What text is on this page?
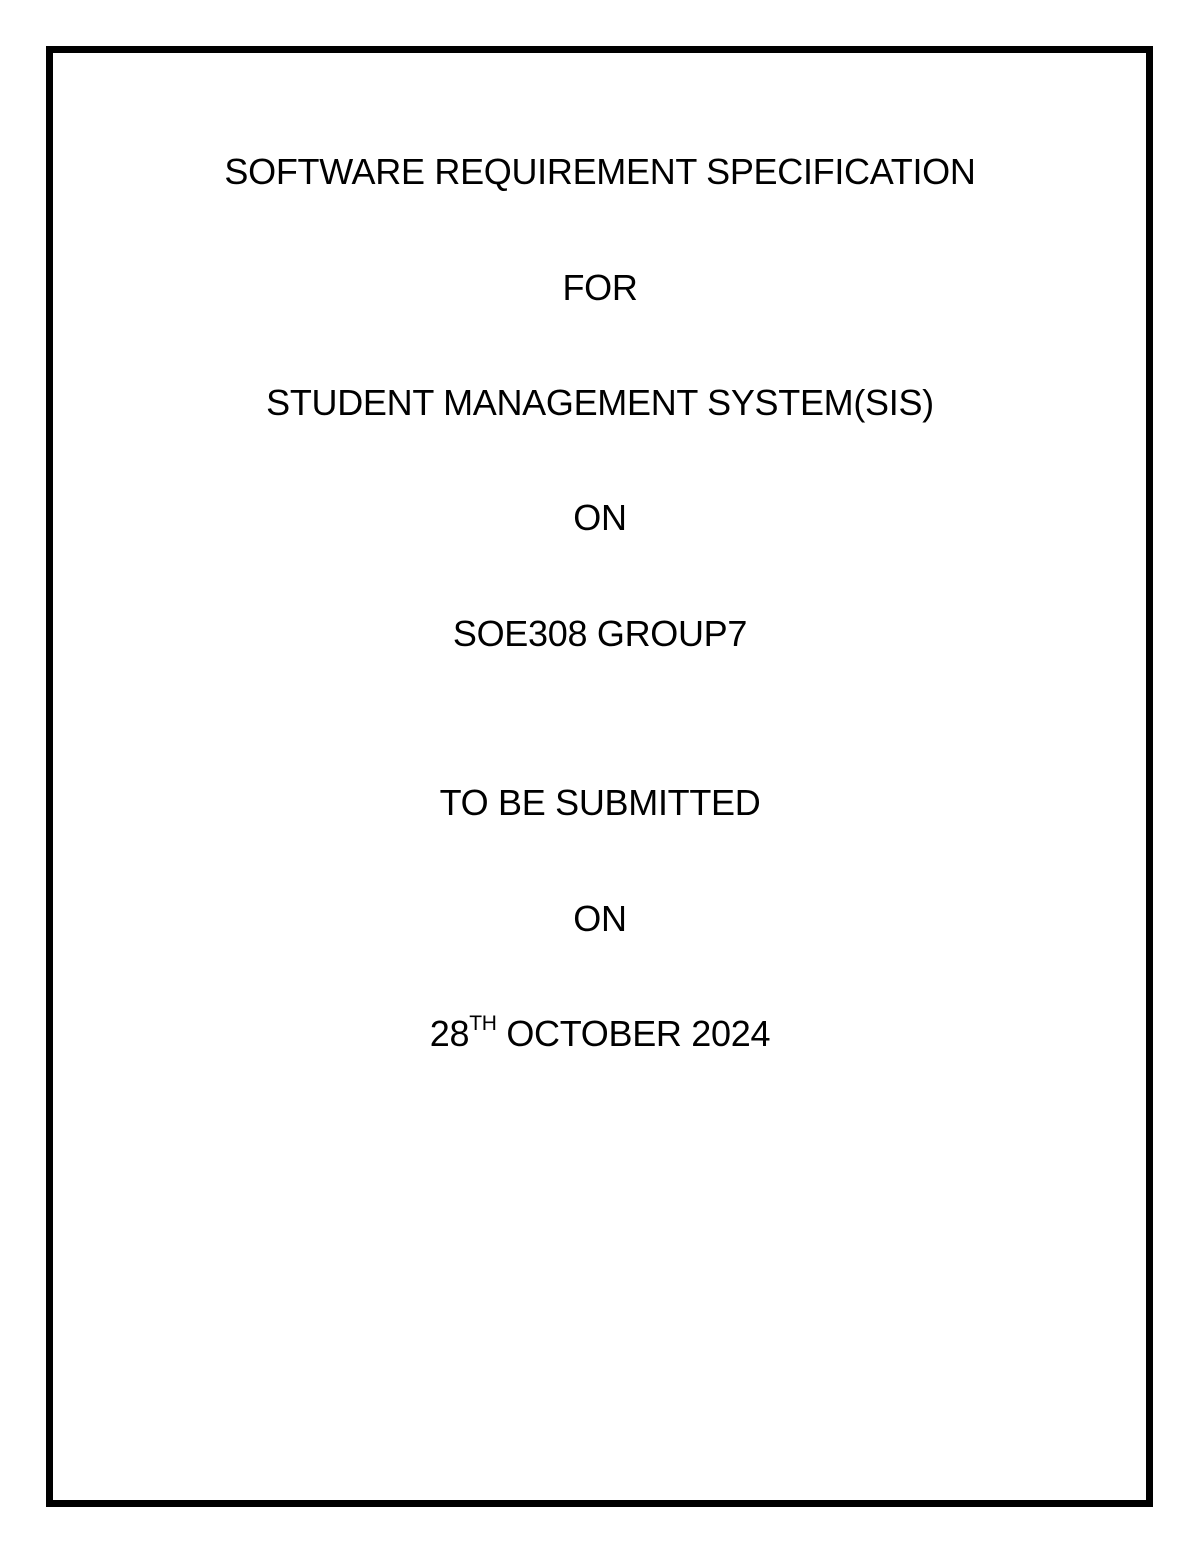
SOFTWARE REQUIREMENT SPECIFICATION
FOR
STUDENT MANAGEMENT SYSTEM(SIS)
ON
SOE308 GROUP7
TO BE SUBMITTED
ON
28TH OCTOBER 2024
